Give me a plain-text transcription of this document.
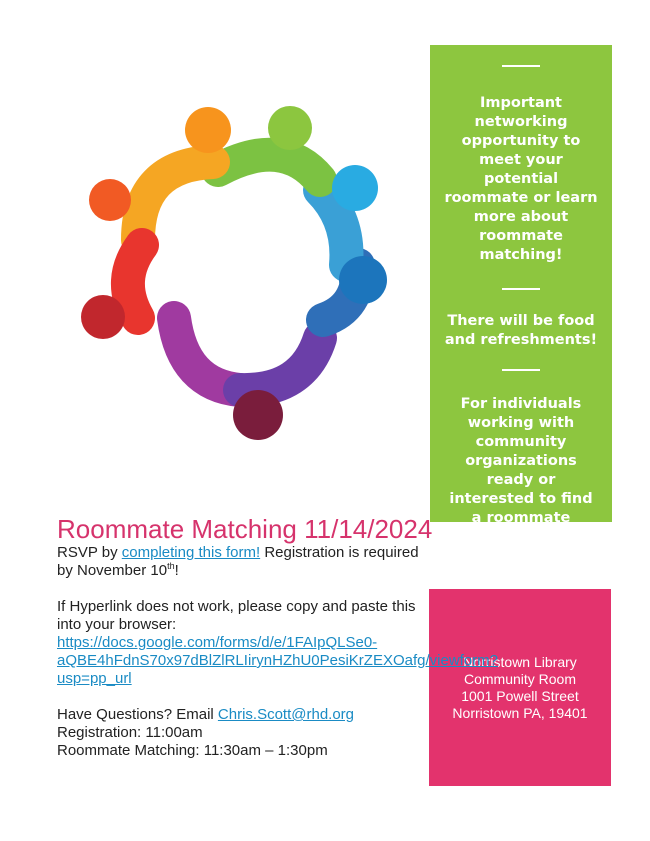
Important networking opportunity to meet your potential roommate or learn more about roommate matching!
There will be food and refreshments!
For individuals working with community organizations ready or interested to find a roommate
Norristown Library
Community Room
1001 Powell Street
Norristown PA, 19401
Roommate Matching 11/14/2024

RSVP by completing this form! Registration is required by November 10th!

If Hyperlink does not work, please copy and paste this into your browser:

https://docs.google.com/forms/d/e/1FAIpQLSe0-aQBE4hFdnS70x97dBlZlRLIirynHZhU0PesiKrZEXOafg/viewform?usp=pp_url

Have Questions? Email Chris.Scott@rhd.org

Registration: 11:00am

Roommate Matching: 11:30am – 1:30pm
